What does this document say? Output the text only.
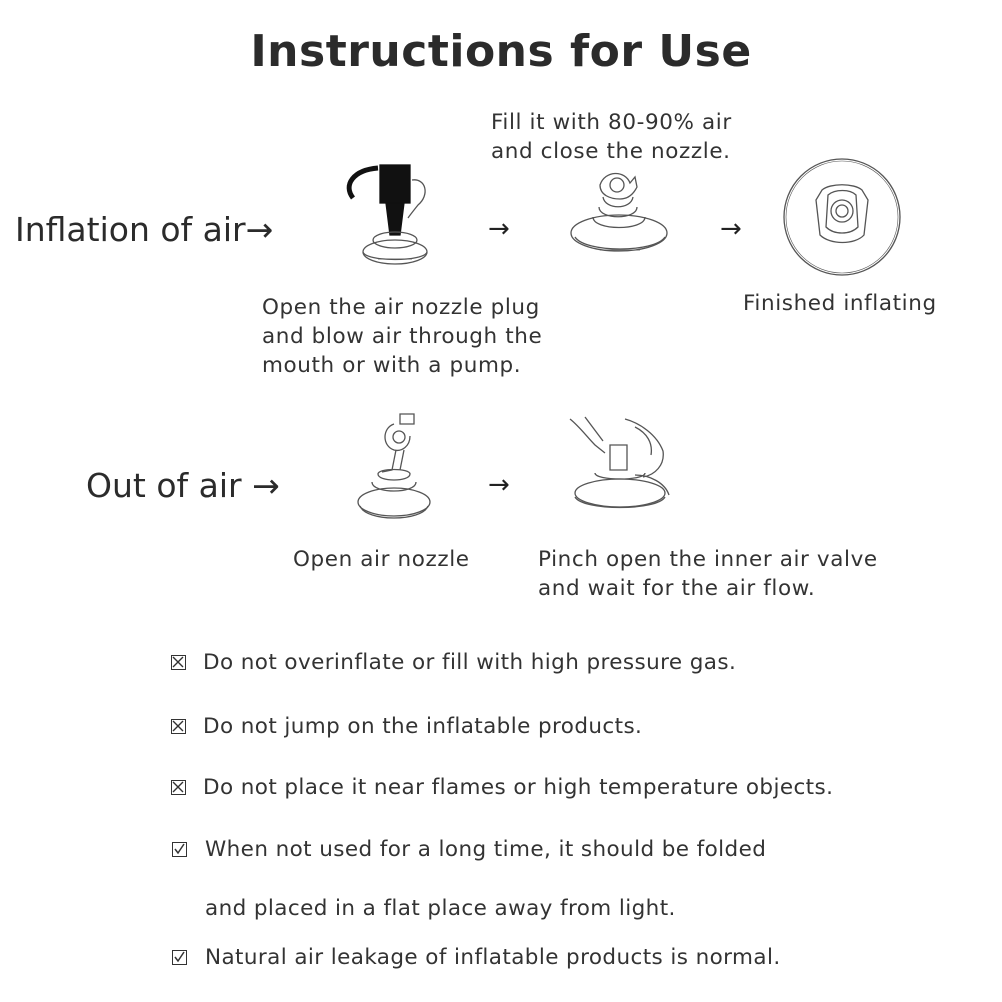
Instructions for Use
Inflation of air→	→	→
Open the air nozzle plug
and blow air through the
mouth or with a pump.
Fill it with 80-90% air
and close the nozzle.
Finished inflating
Out of air →	→
Open air nozzle	Pinch open the inner air valve
and wait for the air flow.
Do not overinflate or fill with high pressure gas.
Do not jump on the inflatable products.
Do not place it near flames or high temperature objects.
When not used for a long time, it should be folded
and placed in a flat place away from light.
Natural air leakage of inflatable products is normal.
